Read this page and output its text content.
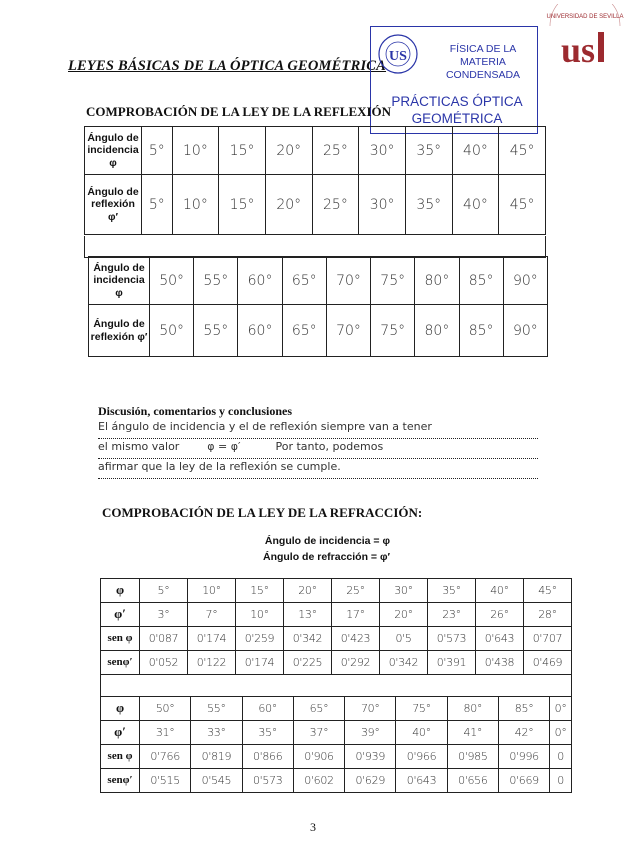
LEYES BÁSICAS DE LA ÓPTICA GEOMÉTRICA
US	FÍSICA DE LA MATERIA CONDENSADA
PRÁCTICAS ÓPTICA GEOMÉTRICA
UNIVERSIDAD DE SEVILLA
us
COMPROBACIÓN DE LA LEY DE LA REFLEXIÓN
Ángulo de incidencia φ	5°	10°	15°	20°	25°	30°	35°	40°	45°
Ángulo de reflexión φ′	5°	10°	15°	20°	25°	30°	35°	40°	45°
Ángulo de incidencia φ	50°	55°	60°	65°	70°	75°	80°	85°	90°
Ángulo de reflexión φ′	50°	55°	60°	65°	70°	75°	80°	85°	90°
Discusión, comentarios y conclusiones
El ángulo de incidencia y el de reflexión siempre van a tener
el mismo valor        φ = φ′          Por tanto, podemos
afirmar que la ley de la reflexión se cumple.
COMPROBACIÓN DE LA LEY DE LA REFRACCIÓN:
Ángulo de incidencia = φ
Ángulo de refracción = φ′
φ	5°	10°	15°	20°	25°	30°	35°	40°	45°
φ′	3°	7°	10°	13°	17°	20°	23°	26°	28°
sen φ	0'087	0'174	0'259	0'342	0'423	0'5	0'573	0'643	0'707
senφ′	0'052	0'122	0'174	0'225	0'292	0'342	0'391	0'438	0'469
φ	50°	55°	60°	65°	70°	75°	80°	85°	0°
φ′	31°	33°	35°	37°	39°	40°	41°	42°	0°
sen φ	0'766	0'819	0'866	0'906	0'939	0'966	0'985	0'996	0
senφ′	0'515	0'545	0'573	0'602	0'629	0'643	0'656	0'669	0
3
